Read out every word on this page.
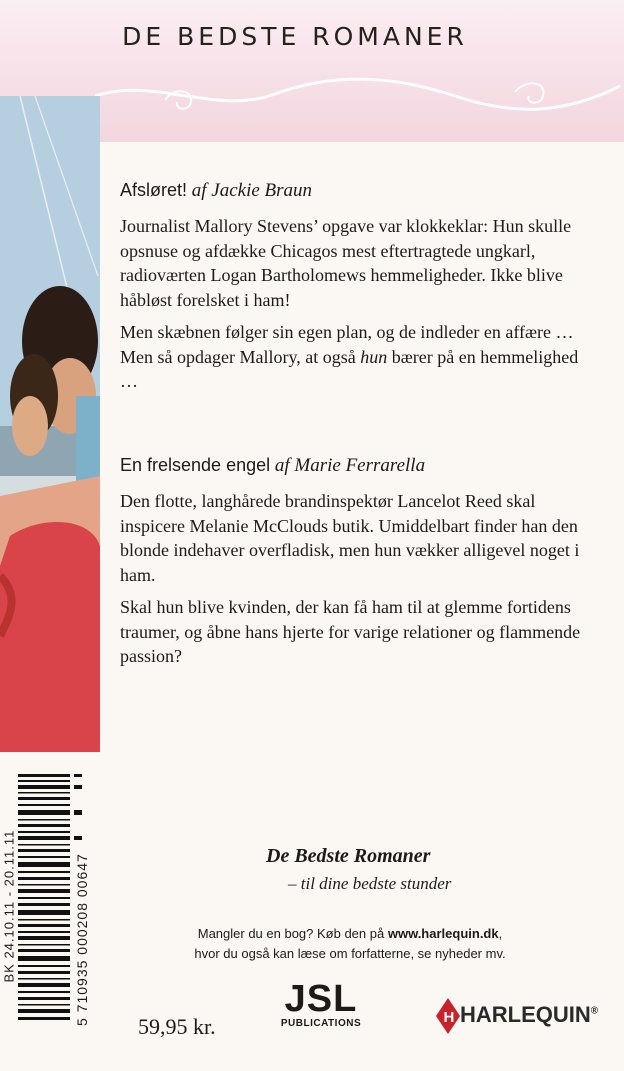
DE BEDSTE ROMANER
Afsløret! af Jackie Braun

Journalist Mallory Stevens’ opgave var klokkeklar: Hun skulle opsnuse og afdække Chicagos mest eftertragtede ungkarl, radioværten Logan Bartholomews hemmeligheder. Ikke blive håbløst forelsket i ham!

Men skæbnen følger sin egen plan, og de indleder en affære … Men så opdager Mallory, at også hun bærer på en hemmelighed …

En frelsende engel af Marie Ferrarella

Den flotte, langhårede brandinspektør Lancelot Reed skal inspicere Melanie McClouds butik. Umiddelbart finder han den blonde indehaver overfladisk, men hun vækker alligevel noget i ham.

Skal hun blive kvinden, der kan få ham til at glemme fortidens traumer, og åbne hans hjerte for varige relationer og flammende passion?

BK 24.10.11 - 20.11.11	5 710935 000208 00647	De Bedste Romaner
– til dine bedste stunder
Mangler du en bog? Køb den på www.harlequin.dk,
hvor du også kan læse om forfatterne, se nyheder mv.
59,95 kr.
JSL
PUBLICATIONS	H HARLEQUIN®
